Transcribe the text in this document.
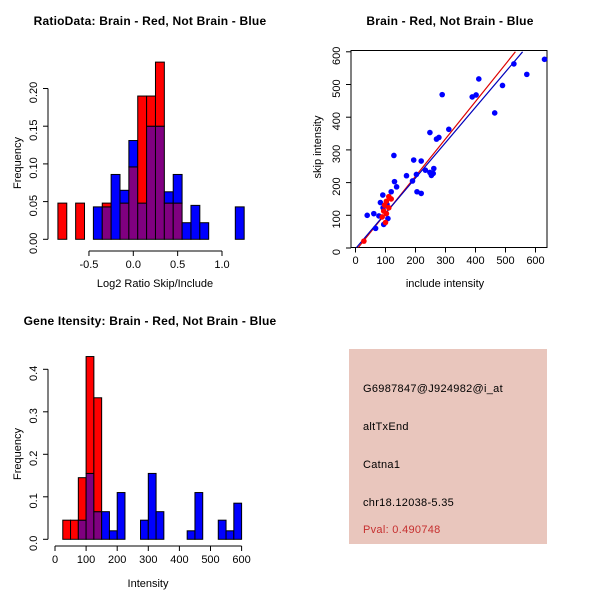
RatioData: Brain - Red, Not Brain - Blue
Frequency
Log2 Ratio Skip/Include
0.00
0.05
0.10
0.15
0.20
-0.5 0.0	0.5	1.0
Brain - Red, Not Brain - Blue
skip intensity
include intensity
0 100 200 300 400 500 600
0
100
200
300
400
500
600
Gene Itensity: Brain - Red, Not Brain - Blue
Frequency
Intensity
0.0
0.1
0.2
0.3
0.4
0 100 200 300 400 500 600
G6987847@J924982@i_at
altTxEnd
Catna1
chr18.12038-5.35
Pval: 0.490748
